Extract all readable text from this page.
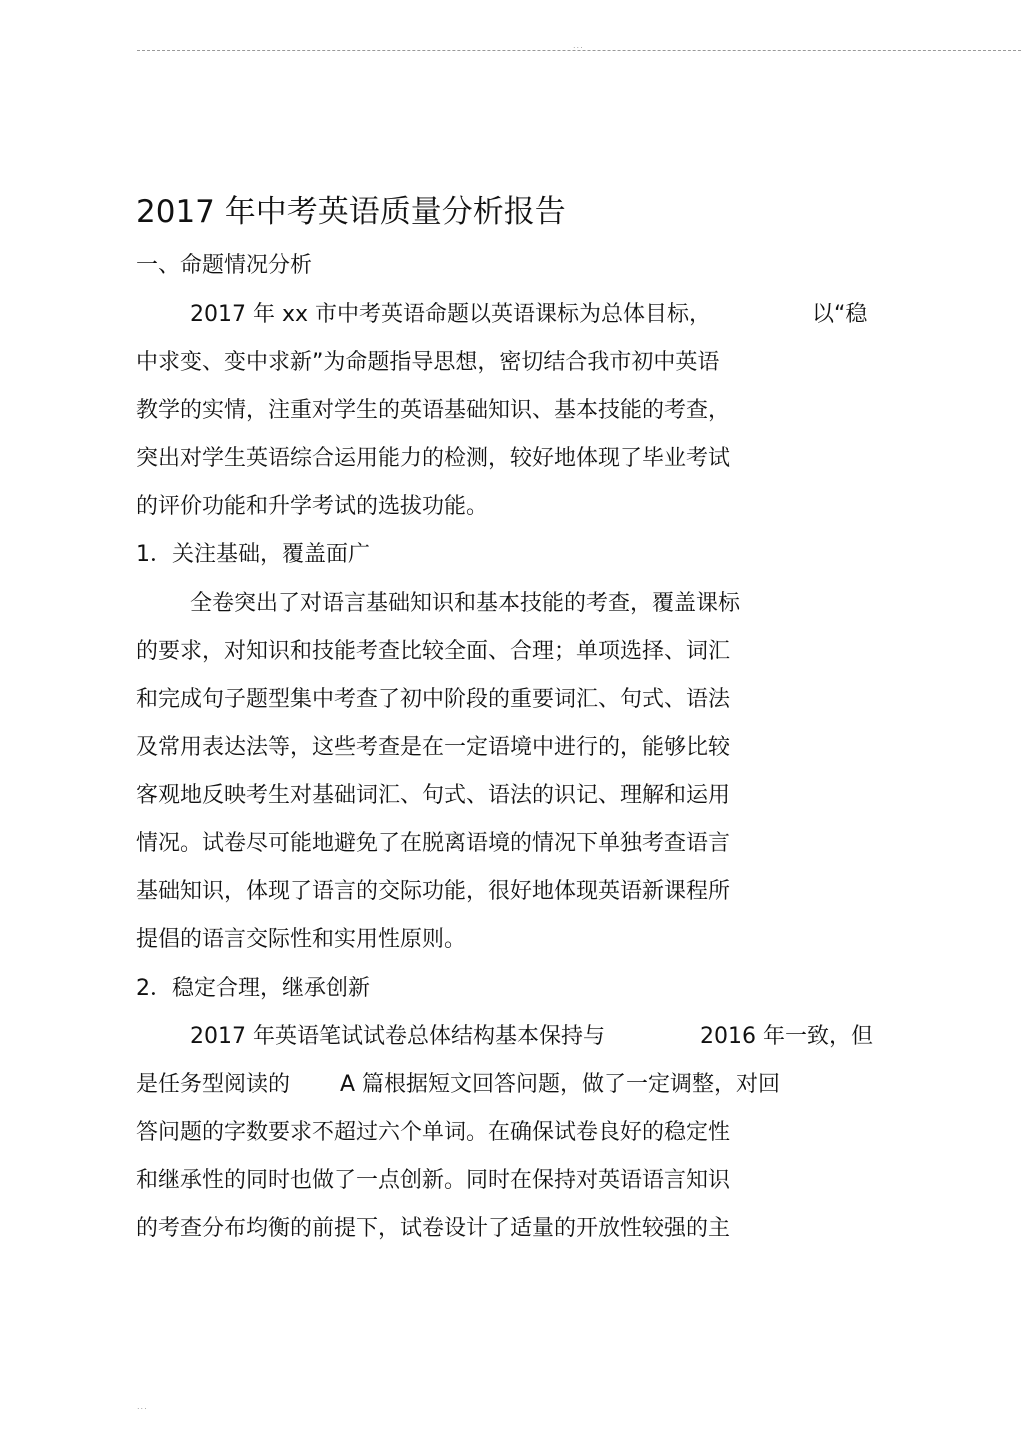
...
2017 年中考英语质量分析报告
一、命题情况分析
2017 年 xx 市中考英语命题以英语课标为总体目标，	以“稳
中求变、变中求新”为命题指导思想，密切结合我市初中英语
教学的实情，注重对学生的英语基础知识、基本技能的考查，
突出对学生英语综合运用能力的检测，较好地体现了毕业考试
的评价功能和升学考试的选拔功能。
1．关注基础，覆盖面广
全卷突出了对语言基础知识和基本技能的考查，覆盖课标
的要求，对知识和技能考查比较全面、合理；单项选择、词汇
和完成句子题型集中考查了初中阶段的重要词汇、句式、语法
及常用表达法等，这些考查是在一定语境中进行的，能够比较
客观地反映考生对基础词汇、句式、语法的识记、理解和运用
情况。试卷尽可能地避免了在脱离语境的情况下单独考查语言
基础知识，体现了语言的交际功能，很好地体现英语新课程所
提倡的语言交际性和实用性原则。
2．稳定合理，继承创新
2017 年英语笔试试卷总体结构基本保持与	2016 年一致，但
是任务型阅读的 A 篇根据短文回答问题，做了一定调整，对回
答问题的字数要求不超过六个单词。在确保试卷良好的稳定性
和继承性的同时也做了一点创新。同时在保持对英语语言知识
的考查分布均衡的前提下，试卷设计了适量的开放性较强的主
...
